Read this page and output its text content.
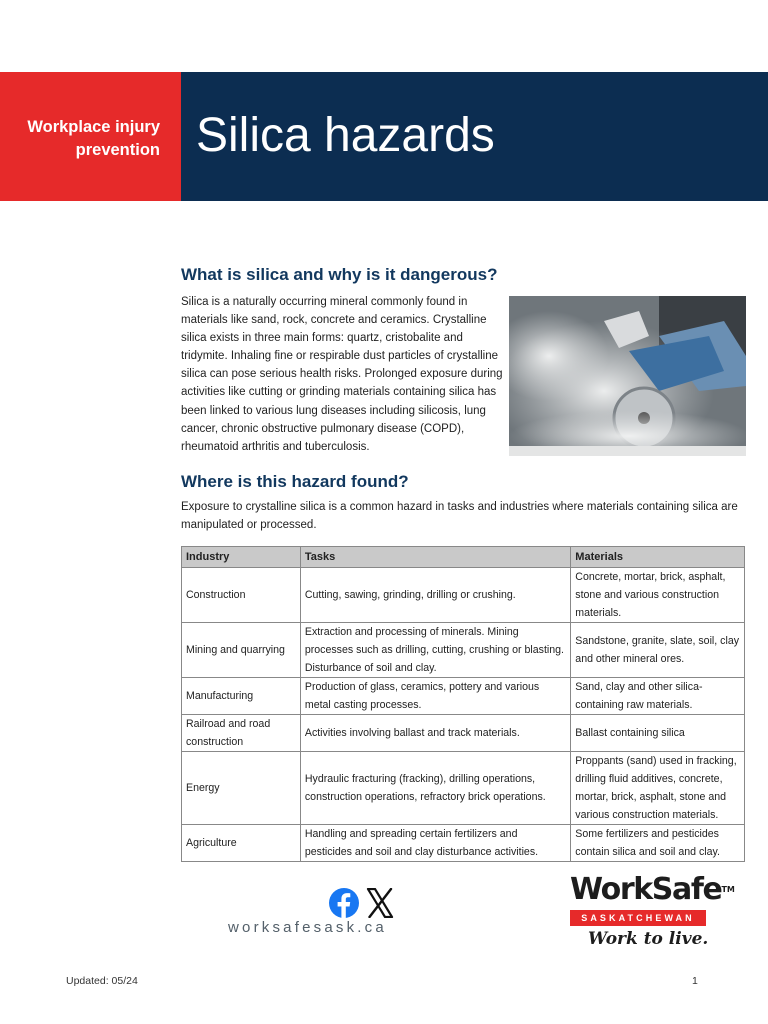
Workplace injury
prevention Silica hazards
What is silica and why is it dangerous?

Silica is a naturally occurring mineral commonly found in materials like sand, rock, concrete and ceramics. Crystalline silica exists in three main forms: quartz, cristobalite and tridymite. Inhaling fine or respirable dust particles of crystalline silica can pose serious health risks. Prolonged exposure during activities like cutting or grinding materials containing silica has been linked to various lung diseases including silicosis, lung cancer, chronic obstructive pulmonary disease (COPD), rheumatoid arthritis and tuberculosis.

Where is this hazard found?

Exposure to crystalline silica is a common hazard in tasks and industries where materials containing silica are manipulated or processed.

Industry	Tasks	Materials
Construction	Cutting, sawing, grinding, drilling or crushing.	Concrete, mortar, brick, asphalt, stone and various construction materials.
Mining and quarrying	Extraction and processing of minerals. Mining processes such as drilling, cutting, crushing or blasting. Disturbance of soil and clay.	Sandstone, granite, slate, soil, clay and other mineral ores.
Manufacturing	Production of glass, ceramics, pottery and various metal casting processes.	Sand, clay and other silica-containing raw materials.
Railroad and road construction	Activities involving ballast and track materials.	Ballast containing silica
Energy	Hydraulic fracturing (fracking), drilling operations, construction operations, refractory brick operations.	Proppants (sand) used in fracking, drilling fluid additives, concrete, mortar, brick, asphalt, stone and various construction materials.
Agriculture	Handling and spreading certain fertilizers and pesticides and soil and clay disturbance activities.	Some fertilizers and pesticides contain silica and soil and clay.
worksafesask.ca
WorkSafe™
SASKATCHEWAN
Work to live.
Updated: 05/24	1
